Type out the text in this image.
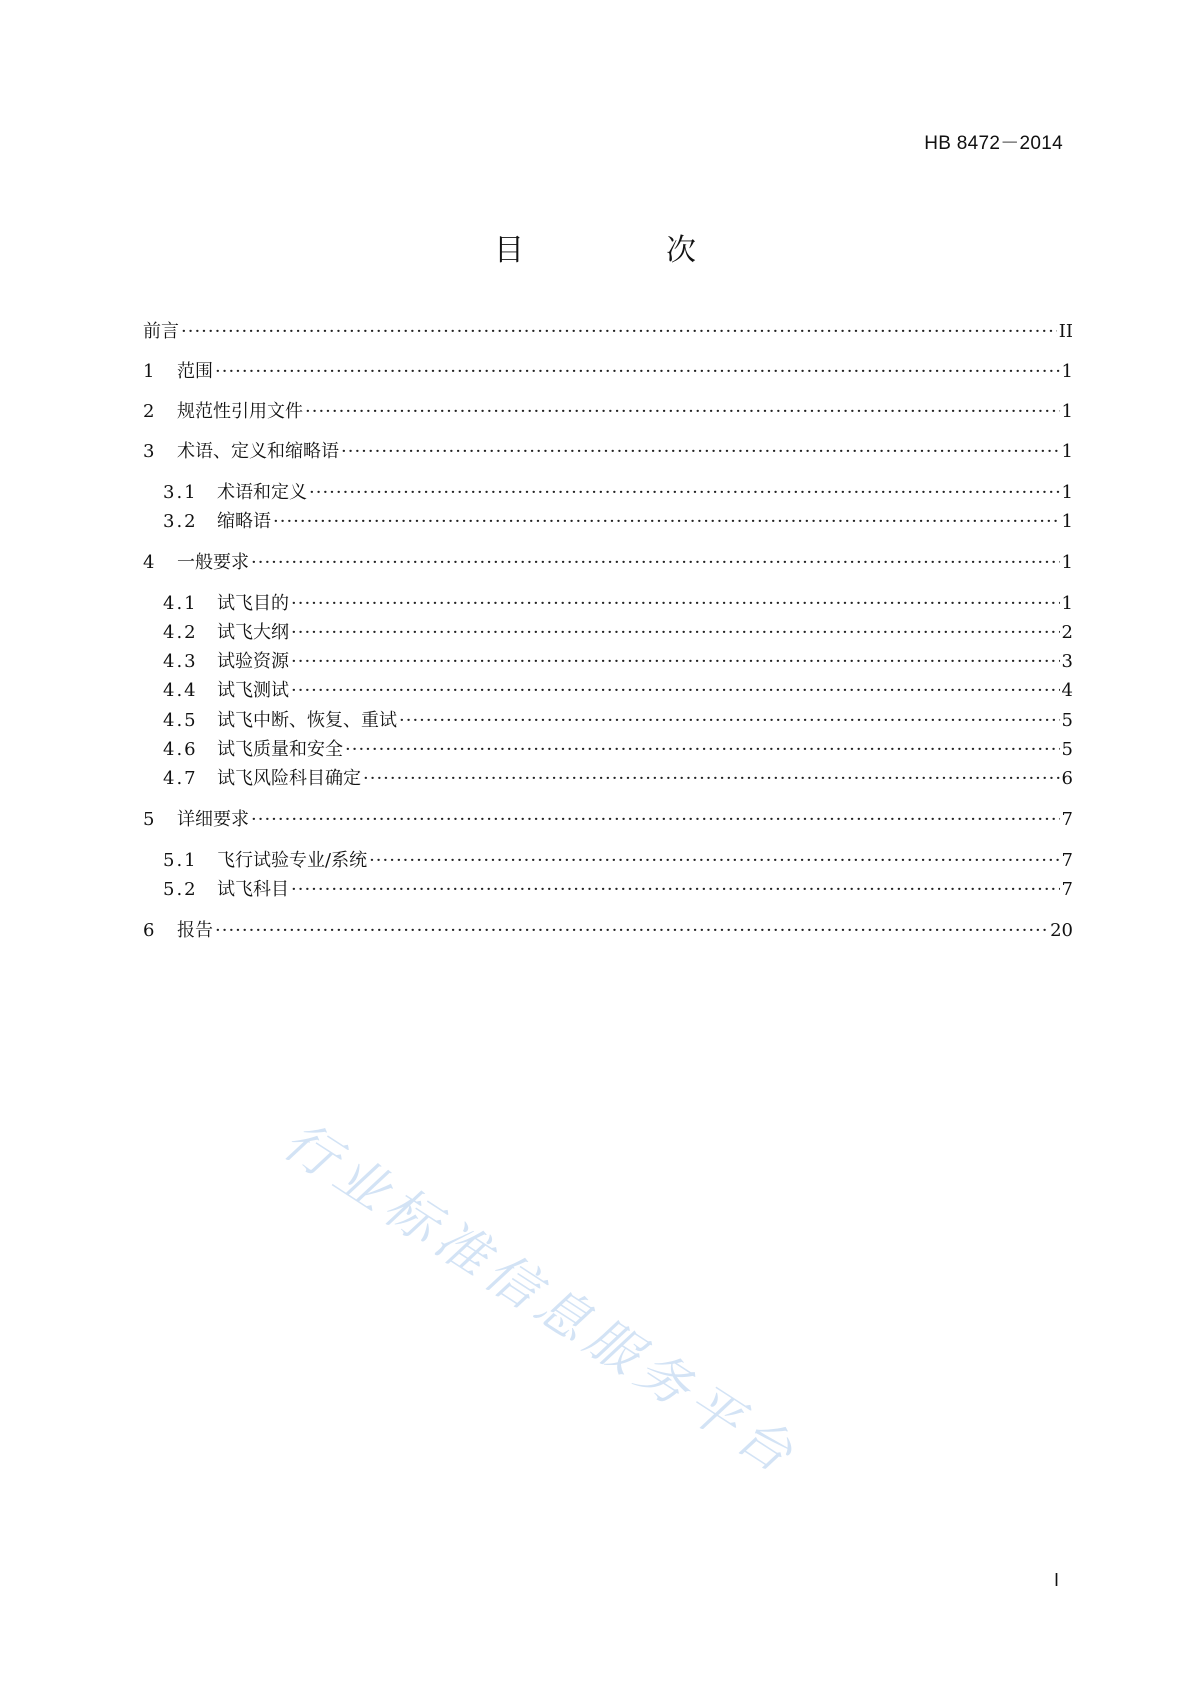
HB 8472－2014
目　次
前言 ·····	II
1	范围 ·····	1
2	规范性引用文件 ·····	1
3	术语、定义和缩略语 ·····	1
3.1	术语和定义 ·····	1
3.2	缩略语 ·····	1
4	一般要求 ·····	1
4.1	试飞目的 ·····	1
4.2	试飞大纲 ·····	2
4.3	试验资源 ·····	3
4.4	试飞测试 ·····	4
4.5	试飞中断、恢复、重试 ·····	5
4.6	试飞质量和安全 ·····	5
4.7	试飞风险科目确定 ·····	6
5	详细要求 ·····	7
5.1	飞行试验专业/系统 ·····	7
5.2	试飞科目 ·····	7
6	报告 ·····	20
行业标准信息服务平台
I
